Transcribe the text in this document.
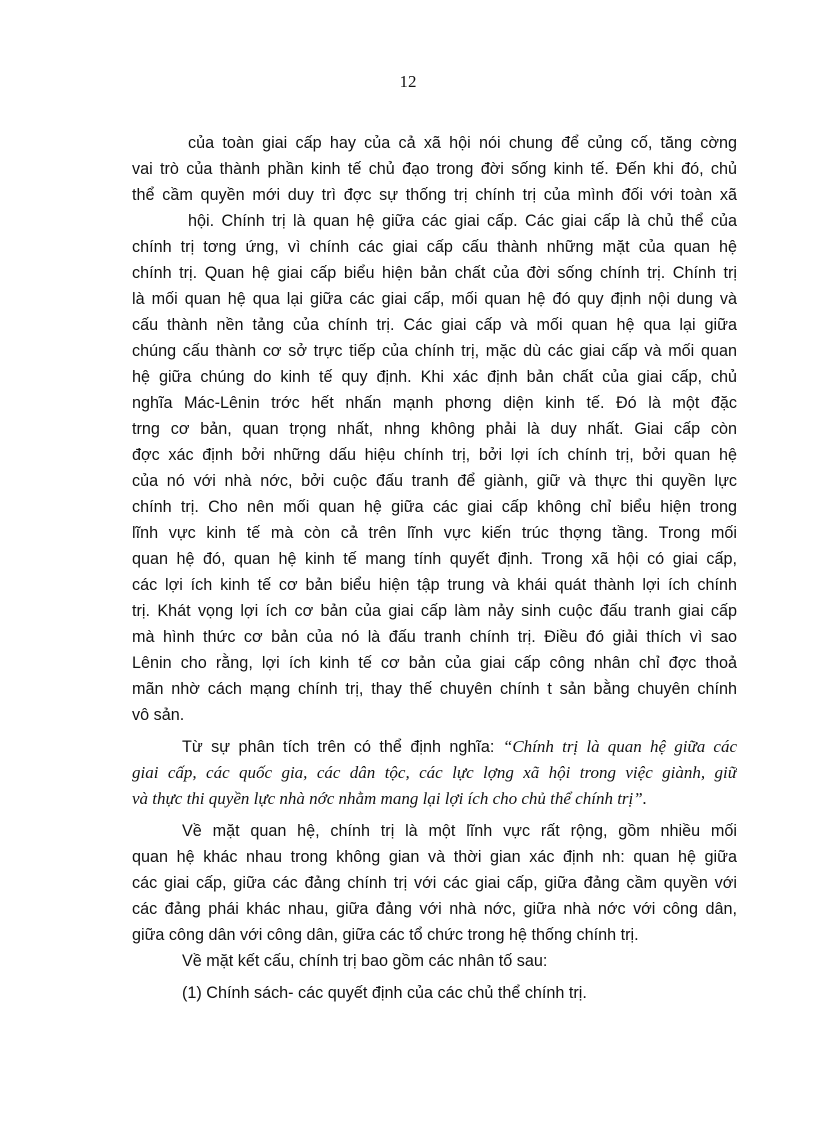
12
của toàn giai cấp hay của cả xã hội nói chung để củng cố, tăng cờng
vai trò của thành phần kinh tế chủ đạo trong đời sống kinh tế. Đến khi đó, chủ
thể cầm quyền mới duy trì đợc sự thống trị chính trị của mình đối với toàn xã
hội. Chính trị là quan hệ giữa các giai cấp. Các giai cấp là chủ thể của
chính trị tơng ứng, vì chính các giai cấp cấu thành những mặt của quan hệ
chính trị. Quan hệ giai cấp biểu hiện bản chất của đời sống chính trị. Chính trị
là mối quan hệ qua lại giữa các giai cấp, mối quan hệ đó quy định nội dung và
cấu thành nền tảng của chính trị. Các giai cấp và mối quan hệ qua lại giữa
chúng cấu thành cơ sở trực tiếp của chính trị, mặc dù các giai cấp và mối quan
hệ giữa chúng do kinh tế quy định. Khi xác định bản chất của giai cấp, chủ
nghĩa Mác-Lênin trớc hết nhấn mạnh phơng diện kinh tế. Đó là một đặc
trng cơ bản, quan trọng nhất, nhng không phải là duy nhất. Giai cấp còn
đợc xác định bởi những dấu hiệu chính trị, bởi lợi ích chính trị, bởi quan hệ
của nó với nhà nớc, bởi cuộc đấu tranh để giành, giữ và thực thi quyền lực
chính trị. Cho nên mối quan hệ giữa các giai cấp không chỉ biểu hiện trong
lĩnh vực kinh tế mà còn cả trên lĩnh vực kiến trúc thợng tầng. Trong mối
quan hệ đó, quan hệ kinh tế mang tính quyết định. Trong xã hội có giai cấp,
các lợi ích kinh tế cơ bản biểu hiện tập trung và khái quát thành lợi ích chính
trị. Khát vọng lợi ích cơ bản của giai cấp làm nảy sinh cuộc đấu tranh giai cấp
mà hình thức cơ bản của nó là đấu tranh chính trị. Điều đó giải thích vì sao
Lênin cho rằng, lợi ích kinh tế cơ bản của giai cấp công nhân chỉ đợc thoả
mãn nhờ cách mạng chính trị, thay thế chuyên chính t sản bằng chuyên chính
vô sản.
Từ sự phân tích trên có thể định nghĩa: “Chính trị là quan hệ giữa các
giai cấp, các quốc gia, các dân tộc, các lực lợng xã hội trong việc giành, giữ
và thực thi quyền lực nhà nớc nhằm mang lại lợi ích cho chủ thể chính trị”.
Về mặt quan hệ, chính trị là một lĩnh vực rất rộng, gồm nhiều mối
quan hệ khác nhau trong không gian và thời gian xác định nh: quan hệ giữa
các giai cấp, giữa các đảng chính trị với các giai cấp, giữa đảng cầm quyền với
các đảng phái khác nhau, giữa đảng với nhà nớc, giữa nhà nớc với công dân,
giữa công dân với công dân, giữa các tổ chức trong hệ thống chính trị.
Về mặt kết cấu, chính trị bao gồm các nhân tố sau:
(1) Chính sách- các quyết định của các chủ thể chính trị.
